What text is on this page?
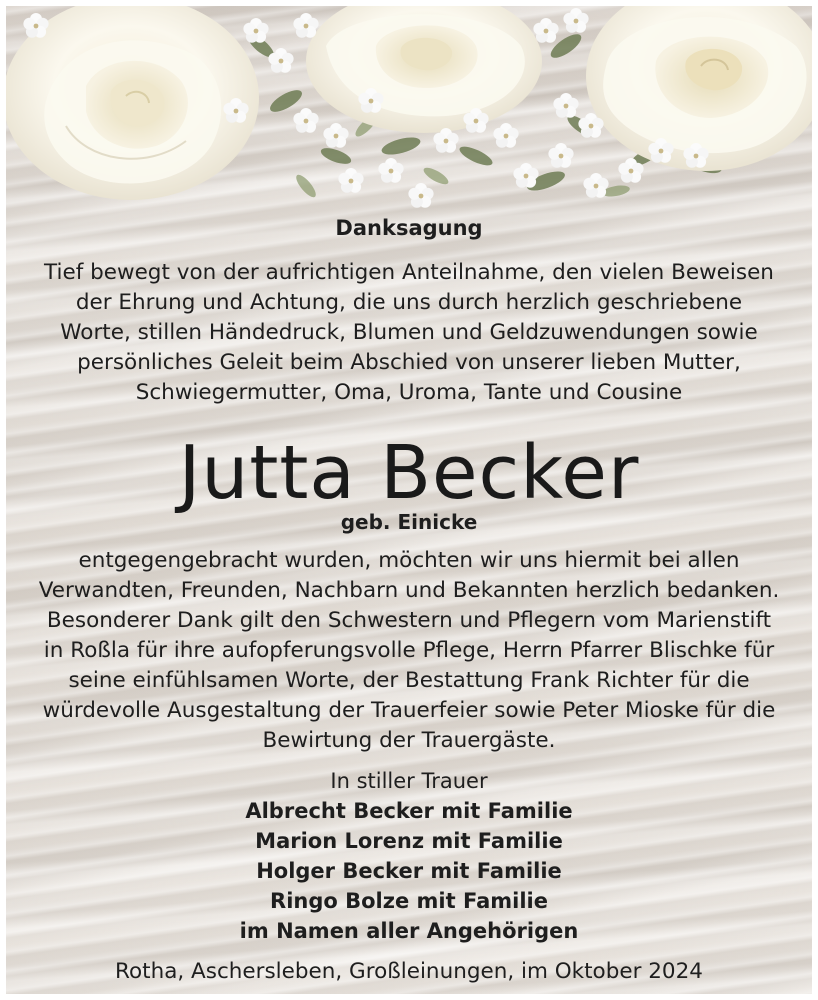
Danksagung

Tief bewegt von der aufrichtigen Anteilnahme, den vielen Beweisen
der Ehrung und Achtung, die uns durch herzlich geschriebene
Worte, stillen Händedruck, Blumen und Geldzuwendungen sowie
persönliches Geleit beim Abschied von unserer lieben Mutter,
Schwiegermutter, Oma, Uroma, Tante und Cousine

Jutta Becker
geb. Einicke

entgegengebracht wurden, möchten wir uns hiermit bei allen
Verwandten, Freunden, Nachbarn und Bekannten herzlich bedanken.
Besonderer Dank gilt den Schwestern und Pflegern vom Marienstift
in Roßla für ihre aufopferungsvolle Pflege, Herrn Pfarrer Blischke für
seine einfühlsamen Worte, der Bestattung Frank Richter für die
würdevolle Ausgestaltung der Trauerfeier sowie Peter Mioske für die
Bewirtung der Trauergäste.

In stiller Trauer
Albrecht Becker mit Familie
Marion Lorenz mit Familie
Holger Becker mit Familie
Ringo Bolze mit Familie
im Namen aller Angehörigen
Rotha, Aschersleben, Großleinungen, im Oktober 2024
